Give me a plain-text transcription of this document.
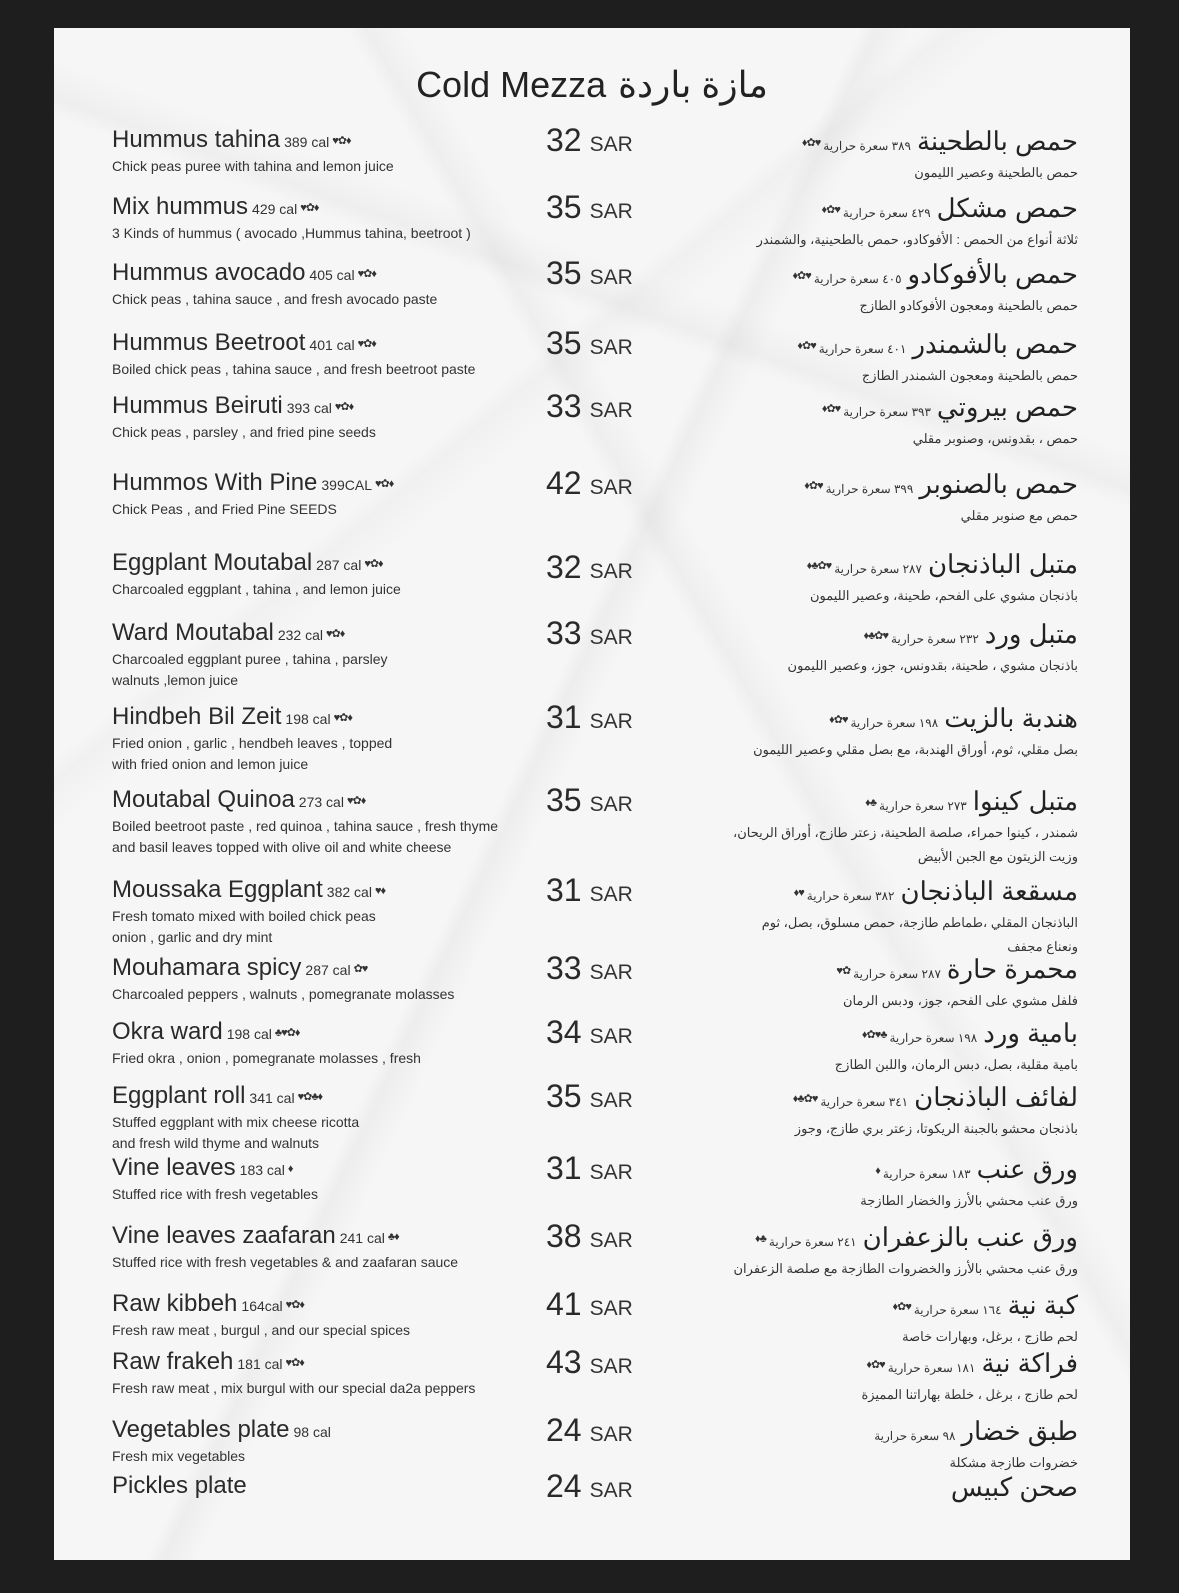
Cold Mezza مازة باردة
Hummus tahina 389 cal ♥✿♦
Chick peas puree with tahina and lemon juice
32 SAR	حمص بالطحينة٣٨٩ سعرة حرارية♥✿♦
حمص بالطحينة وعصير الليمون
Mix hummus 429 cal ♥✿♦
3 Kinds of hummus ( avocado ,Hummus tahina, beetroot )
35 SAR	حمص مشكل٤٢٩ سعرة حرارية♥✿♦
ثلاثة أنواع من الحمص : الأفوكادو، حمص بالطحينية، والشمندر
Hummus avocado 405 cal ♥✿♦
Chick peas , tahina sauce , and fresh avocado paste
35 SAR	حمص بالأفوكادو٤٠٥ سعرة حرارية♥✿♦
حمص بالطحينة ومعجون الأفوكادو الطازج
Hummus Beetroot 401 cal ♥✿♦
Boiled chick peas , tahina sauce , and fresh beetroot paste
35 SAR	حمص بالشمندر٤٠١ سعرة حرارية♥✿♦
حمص بالطحينة ومعجون الشمندر الطازج
Hummus Beiruti 393 cal ♥✿♦
Chick peas , parsley , and fried pine seeds
33 SAR	حمص بيروتي٣٩٣ سعرة حرارية♥✿♦
حمص ، بقدونس، وصنوبر مقلي
Hummos With Pine 399CAL ♥✿♦
Chick Peas , and Fried Pine SEEDS
42 SAR	حمص بالصنوبر٣٩٩ سعرة حرارية♥✿♦
حمص مع صنوبر مقلي
Eggplant Moutabal 287 cal ♥✿♦
Charcoaled eggplant , tahina , and lemon juice
32 SAR	متبل الباذنجان٢٨٧ سعرة حرارية♥✿♣♦
باذنجان مشوي على الفحم، طحينة، وعصير الليمون
Ward Moutabal 232 cal ♥✿♦
Charcoaled eggplant puree , tahina , parsley
walnuts ,lemon juice
33 SAR	متبل ورد٢٣٢ سعرة حرارية♥✿♣♦
باذنجان مشوي ، طحينة، بقدونس، جوز، وعصير الليمون
Hindbeh Bil Zeit 198 cal ♥✿♦
Fried onion , garlic , hendbeh leaves , topped
with fried onion and lemon juice
31 SAR	هندبة بالزيت١٩٨ سعرة حرارية♥✿♦
بصل مقلي، ثوم، أوراق الهندبة، مع بصل مقلي وعصير الليمون
Moutabal Quinoa 273 cal ♥✿♦
Boiled beetroot paste , red quinoa , tahina sauce , fresh thyme
and basil leaves topped with olive oil and white cheese
35 SAR	متبل كينوا٢٧٣ سعرة حرارية♣♦
شمندر ، كينوا حمراء، صلصة الطحينة، زعتر طازج، أوراق الريحان،
وزيت الزيتون مع الجبن الأبيض
Moussaka Eggplant 382 cal ♥♦
Fresh tomato mixed with boiled chick peas
onion , garlic and dry mint
31 SAR	مسقعة الباذنجان٣٨٢ سعرة حرارية♥♦
الباذنجان المقلي ،طماطم طازجة، حمص مسلوق، بصل، ثوم
ونعناع مجفف
Mouhamara spicy 287 cal ✿♥
Charcoaled peppers , walnuts , pomegranate molasses
33 SAR	محمرة حارة٢٨٧ سعرة حرارية✿♥
فلفل مشوي على الفحم، جوز، ودبس الرمان
Okra ward 198 cal ♣♥✿♦
Fried okra , onion , pomegranate molasses , fresh
34 SAR	بامية ورد١٩٨ سعرة حرارية♣♥✿♦
بامية مقلية، بصل، دبس الرمان، واللبن الطازج
Eggplant roll 341 cal ♥✿♣♦
Stuffed eggplant with mix cheese ricotta
and fresh wild thyme and walnuts
35 SAR	لفائف الباذنجان٣٤١ سعرة حرارية♥✿♣♦
باذنجان محشو بالجبنة الريكوتا، زعتر بري طازج، وجوز
Vine leaves 183 cal ♦
Stuffed rice with fresh vegetables
31 SAR	ورق عنب١٨٣ سعرة حرارية♦
ورق عنب محشي بالأرز والخضار الطازجة
Vine leaves zaafaran 241 cal ♣♦
Stuffed rice with fresh vegetables & and zaafaran sauce
38 SAR	ورق عنب بالزعفران٢٤١ سعرة حرارية♣♦
ورق عنب محشي بالأرز والخضروات الطازجة مع صلصة الزعفران
Raw kibbeh 164cal ♥✿♦
Fresh raw meat , burgul , and our special spices
41 SAR	كبة نية١٦٤ سعرة حرارية♥✿♦
لحم طازج ، برغل، وبهارات خاصة
Raw frakeh 181 cal ♥✿♦
Fresh raw meat , mix burgul with our special da2a peppers
43 SAR	فراكة نية١٨١ سعرة حرارية♥✿♦
لحم طازج ، برغل ، خلطة بهاراتنا المميزة
Vegetables plate 98 cal
Fresh mix vegetables
24 SAR	طبق خضار٩٨ سعرة حرارية
خضروات طازجة مشكلة
Pickles plate	24 SAR	صحن كبيس
